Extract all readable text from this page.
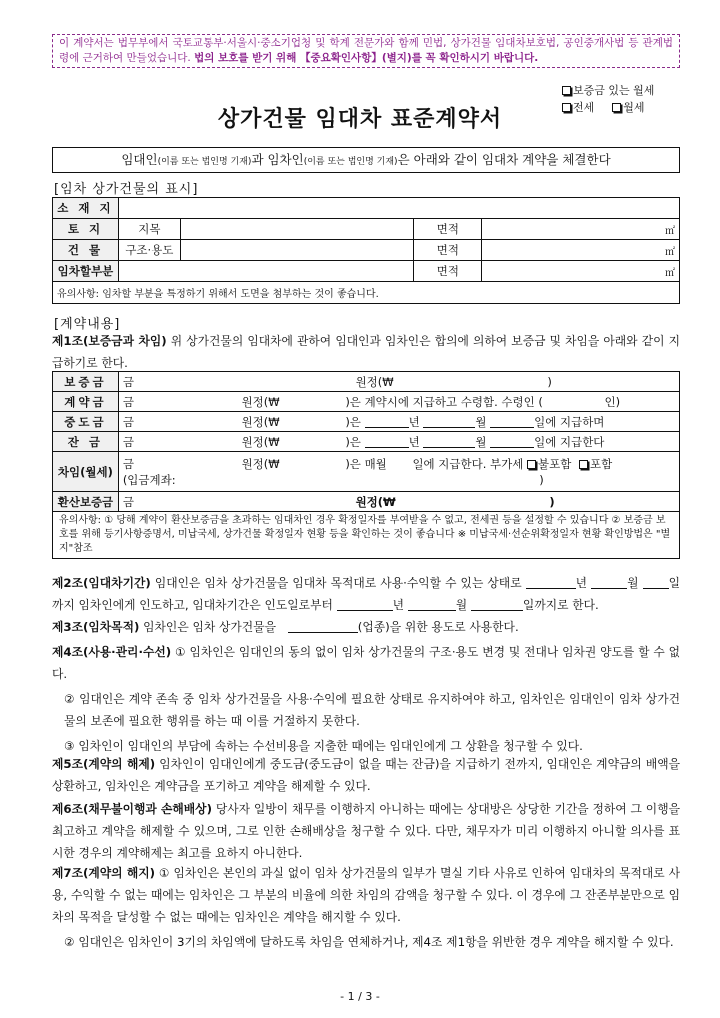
이 계약서는 법무부에서 국토교통부·서울시·중소기업청 및 학계 전문가와 함께 민법, 상가건물 임대차보호법, 공인중개사법 등 관계법령에 근거하여 만들었습니다. 법의 보호를 받기 위해 【중요확인사항】(별지)를 꼭 확인하시기 바랍니다.
보증금 있는 월세
전세	월세
상가건물 임대차 표준계약서
임대인(이름 또는 법인명 기재)과 임차인(이름 또는 법인명 기재)은 아래와 같이 임대차 계약을 체결한다
[임차 상가건물의 표시]
소 재 지				
토 지	지목		면적	㎡
건 물	구조·용도		면적	㎡
임차할부분			면적	㎡
유의사항: 임차할 부분을 특정하기 위해서 도면을 첨부하는 것이 좋습니다.				
[계약내용]
제1조(보증금과 차임) 위 상가건물의 임대차에 관하여 임대인과 임차인은 합의에 의하여 보증금 및 차임을 아래와 같이 지급하기로 한다.
보증금	금 원정(₩ )
계약금	금 원정(₩ )은 계약시에 지급하고 수령함. 수령인 ( 인)
중도금	금 원정(₩ )은 년 월 일에 지급하며
잔 금	금 원정(₩ )은 년 월 일에 지급한다
차임(월세)	금 원정(₩ )은 매월 일에 지급한다. 부가세 불포함 포함
(입금계좌: )

환산보증금	금 원정(₩ )
유의사항: ① 당해 계약이 환산보증금을 초과하는 임대차인 경우 확정일자를 부여받을 수 없고, 전세권 등을 설정할 수 있습니다 ② 보증금 보호를 위해 등기사항증명서, 미납국세, 상가건물 확정일자 현황 등을 확인하는 것이 좋습니다 ※ 미납국세·선순위확정일자 현황 확인방법은 "별지"참조	
제2조(임대차기간) 임대인은 임차 상가건물을 임대차 목적대로 사용·수익할 수 있는 상태로	년	월	일까지 임차인에게 인도하고, 임대차기간은 인도일로부터	년	월	일까지로 한다.
제3조(임차목적) 임차인은 임차 상가건물을	(업종)을 위한 용도로 사용한다.
제4조(사용·관리·수선) ① 임차인은 임대인의 동의 없이 임차 상가건물의 구조·용도 변경 및 전대나 임차권 양도를 할 수 없다.
② 임대인은 계약 존속 중 임차 상가건물을 사용·수익에 필요한 상태로 유지하여야 하고, 임차인은 임대인이 임차 상가건물의 보존에 필요한 행위를 하는 때 이를 거절하지 못한다.
③ 임차인이 임대인의 부담에 속하는 수선비용을 지출한 때에는 임대인에게 그 상환을 청구할 수 있다.
제5조(계약의 해제) 임차인이 임대인에게 중도금(중도금이 없을 때는 잔금)을 지급하기 전까지, 임대인은 계약금의 배액을 상환하고, 임차인은 계약금을 포기하고 계약을 해제할 수 있다.
제6조(채무불이행과 손해배상) 당사자 일방이 채무를 이행하지 아니하는 때에는 상대방은 상당한 기간을 정하여 그 이행을 최고하고 계약을 해제할 수 있으며, 그로 인한 손해배상을 청구할 수 있다. 다만, 채무자가 미리 이행하지 아니할 의사를 표시한 경우의 계약해제는 최고를 요하지 아니한다.
제7조(계약의 해지) ① 임차인은 본인의 과실 없이 임차 상가건물의 일부가 멸실 기타 사유로 인하여 임대차의 목적대로 사용, 수익할 수 없는 때에는 임차인은 그 부분의 비율에 의한 차임의 감액을 청구할 수 있다. 이 경우에 그 잔존부분만으로 임차의 목적을 달성할 수 없는 때에는 임차인은 계약을 해지할 수 있다.
② 임대인은 임차인이 3기의 차임액에 달하도록 차임을 연체하거나, 제4조 제1항을 위반한 경우 계약을 해지할 수 있다.
- 1 / 3 -
